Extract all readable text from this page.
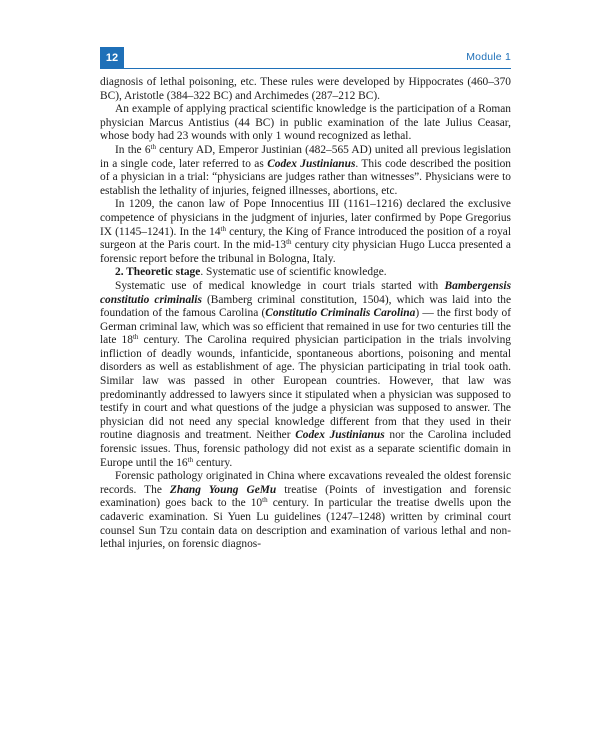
12	Module 1

diagnosis of lethal poisoning, etc. These rules were developed by Hippocrates (460–370 BC), Aristotle (384–322 BC) and Archimedes (287–212 BC).

An example of applying practical scientific knowledge is the participation of a Roman physician Marcus Antistius (44 BC) in public examination of the late Julius Ceasar, whose body had 23 wounds with only 1 wound recognized as lethal.

In the 6th century AD, Emperor Justinian (482–565 AD) united all previous legislation in a single code, later referred to as Codex Justinianus. This code described the position of a physician in a trial: “physicians are judges rather than witnesses”. Physicians were to establish the lethality of injuries, feigned illnesses, abortions, etc.

In 1209, the canon law of Pope Innocentius III (1161–1216) declared the exclusive competence of physicians in the judgment of injuries, later confirmed by Pope Gregorius IX (1145–1241). In the 14th century, the King of France introduced the position of a royal surgeon at the Paris court. In the mid-13th century city physician Hugo Lucca presented a forensic report before the tribunal in Bologna, Italy.

2. Theoretic stage. Systematic use of scientific knowledge.

Systematic use of medical knowledge in court trials started with Bambergensis constitutio criminalis (Bamberg criminal constitution, 1504), which was laid into the foundation of the famous Carolina (Constitutio Criminalis Carolina) — the first body of German criminal law, which was so efficient that remained in use for two centuries till the late 18th century. The Carolina required physician participation in the trials involving infliction of deadly wounds, infanticide, spontaneous abortions, poisoning and mental disorders as well as establishment of age. The physician participating in trial took oath. Similar law was passed in other European countries. However, that law was predominantly addressed to lawyers since it stipulated when a physician was supposed to testify in court and what questions of the judge a physician was supposed to answer. The physician did not need any special knowledge different from that they used in their routine diagnosis and treatment. Neither Codex Justinianus nor the Carolina included forensic issues. Thus, forensic pathology did not exist as a separate scientific domain in Europe until the 16th century.

Forensic pathology originated in China where excavations revealed the oldest forensic records. The Zhang Young GeMu treatise (Points of investigation and forensic examination) goes back to the 10th century. In particular the treatise dwells upon the cadaveric examination. Si Yuen Lu guidelines (1247–1248) written by criminal court counsel Sun Tzu contain data on description and examination of various lethal and non-lethal injuries, on forensic diagnos-
